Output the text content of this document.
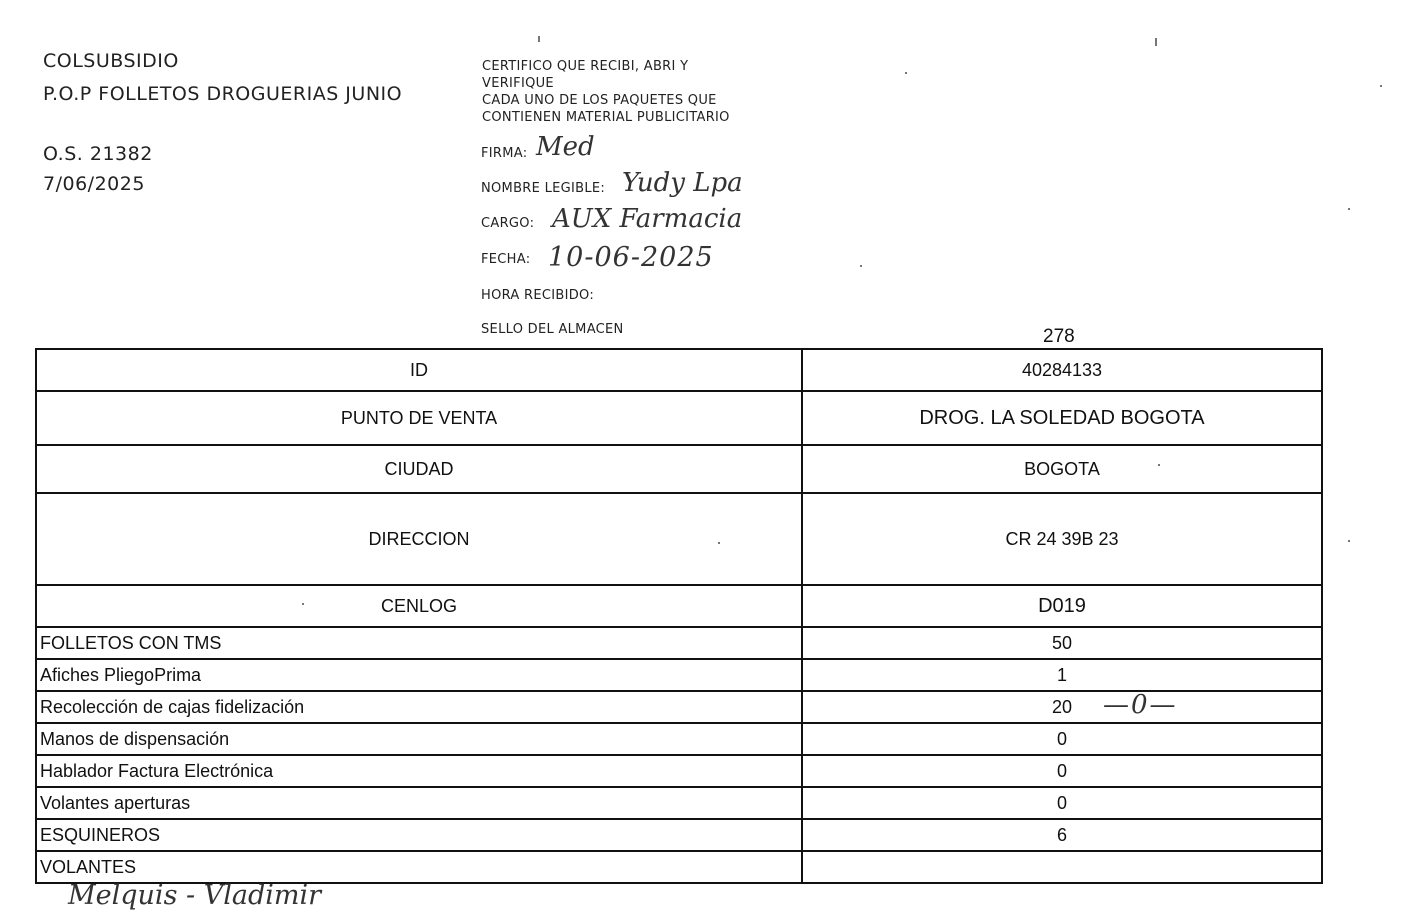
COLSUBSIDIO
P.O.P FOLLETOS DROGUERIAS JUNIO
O.S. 21382
7/06/2025
CERTIFICO QUE RECIBI, ABRI Y
VERIFIQUE
CADA UNO DE LOS PAQUETES QUE
CONTIENEN MATERIAL PUBLICITARIO
FIRMA: Med
NOMBRE LEGIBLE: Yudy Lpa
CARGO: AUX Farmacia
FECHA: 10-06-2025
HORA RECIBIDO:
SELLO DEL ALMACEN	278
ID	40284133
PUNTO DE VENTA	DROG. LA SOLEDAD BOGOTA
CIUDAD	BOGOTA
DIRECCION	CR 24 39B 23
CENLOG	D019
FOLLETOS CON TMS	50
Afiches PliegoPrima	1
Recolección de cajas fidelización	20 —0—

Manos de dispensación	0
Hablador Factura Electrónica	0
Volantes aperturas	0
ESQUINEROS	6
VOLANTES	
Melquis - Vladimir
